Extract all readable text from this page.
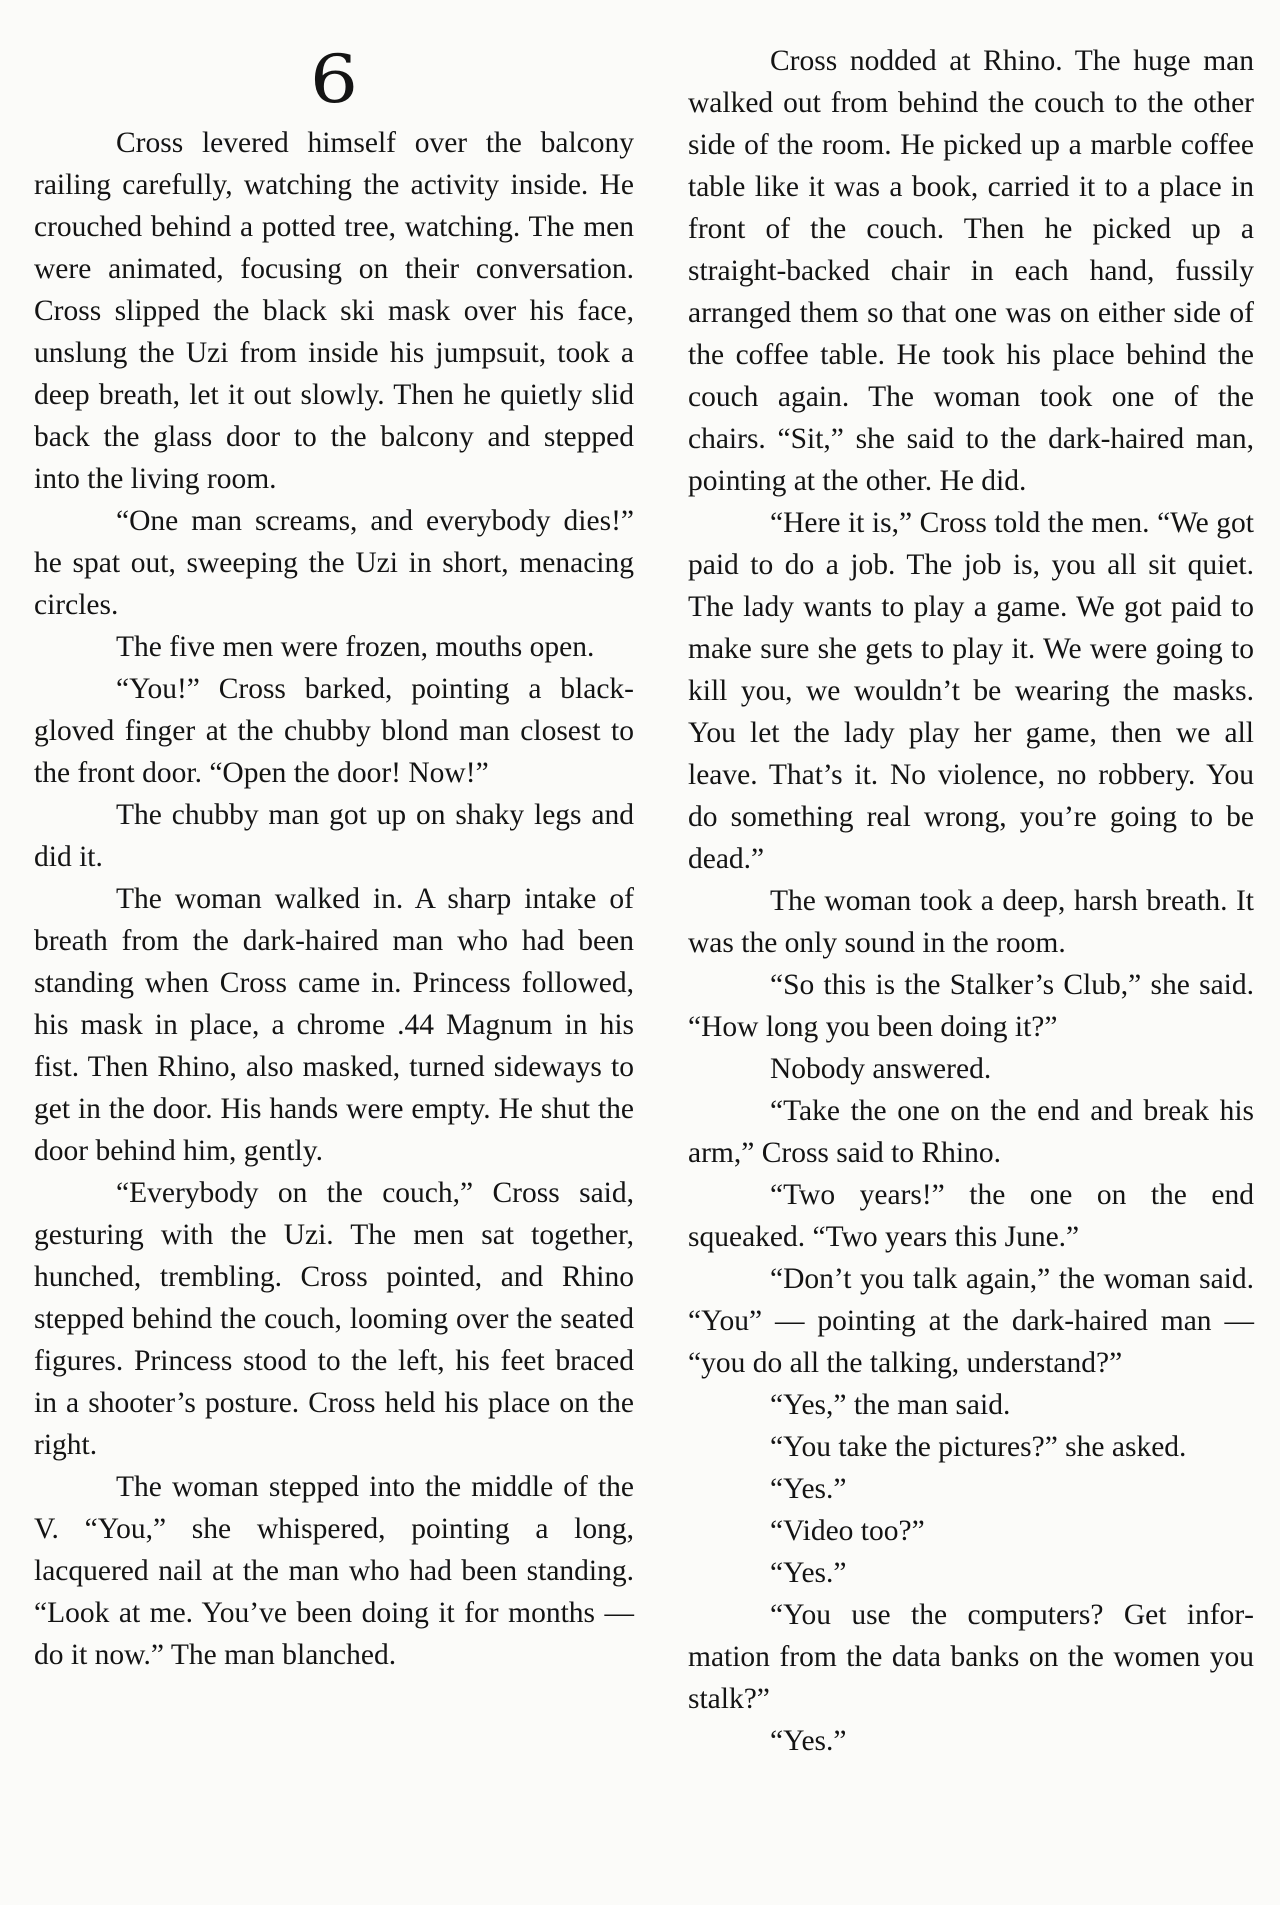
6

Cross levered himself over the balcony railing carefully, watching the activity inside. He crouched behind a potted tree, watching. The men were animated, focusing on their conversation. Cross slipped the black ski mask over his face, unslung the Uzi from inside his jumpsuit, took a deep breath, let it out slowly. Then he quietly slid back the glass door to the balcony and stepped into the living room.

“One man screams, and everybody dies!” he spat out, sweeping the Uzi in short, menacing circles.

The five men were frozen, mouths open.

“You!” Cross barked, pointing a black-gloved finger at the chubby blond man closest to the front door. “Open the door! Now!”

The chubby man got up on shaky legs and did it.

The woman walked in. A sharp intake of breath from the dark-haired man who had been standing when Cross came in. Princess followed, his mask in place, a chrome .44 Magnum in his fist. Then Rhino, also masked, turned sideways to get in the door. His hands were empty. He shut the door behind him, gently.

“Everybody on the couch,” Cross said, gesturing with the Uzi. The men sat together, hunched, trembling. Cross pointed, and Rhino stepped behind the couch, looming over the seated figures. Princess stood to the left, his feet braced in a shooter’s posture. Cross held his place on the right.

The woman stepped into the middle of the V. “You,” she whispered, pointing a long, lacquered nail at the man who had been standing. “Look at me. You’ve been doing it for months — do it now.” The man blanched.

Cross nodded at Rhino. The huge man walked out from behind the couch to the other side of the room. He picked up a marble coffee table like it was a book, carried it to a place in front of the couch. Then he picked up a straight-backed chair in each hand, fussily arranged them so that one was on either side of the coffee table. He took his place behind the couch again. The woman took one of the chairs. “Sit,” she said to the dark-haired man, pointing at the other. He did.

“Here it is,” Cross told the men. “We got paid to do a job. The job is, you all sit quiet. The lady wants to play a game. We got paid to make sure she gets to play it. We were going to kill you, we wouldn’t be wearing the masks. You let the lady play her game, then we all leave. That’s it. No violence, no robbery. You do something real wrong, you’re going to be dead.”

The woman took a deep, harsh breath. It was the only sound in the room.

“So this is the Stalker’s Club,” she said. “How long you been doing it?”

Nobody answered.

“Take the one on the end and break his arm,” Cross said to Rhino.

“Two years!” the one on the end squeaked. “Two years this June.”

“Don’t you talk again,” the woman said. “You” — pointing at the dark-haired man — “you do all the talking, understand?”

“Yes,” the man said.

“You take the pictures?” she asked.

“Yes.”

“Video too?”

“Yes.”

“You use the computers? Get information from the data banks on the women you stalk?”

“Yes.”
